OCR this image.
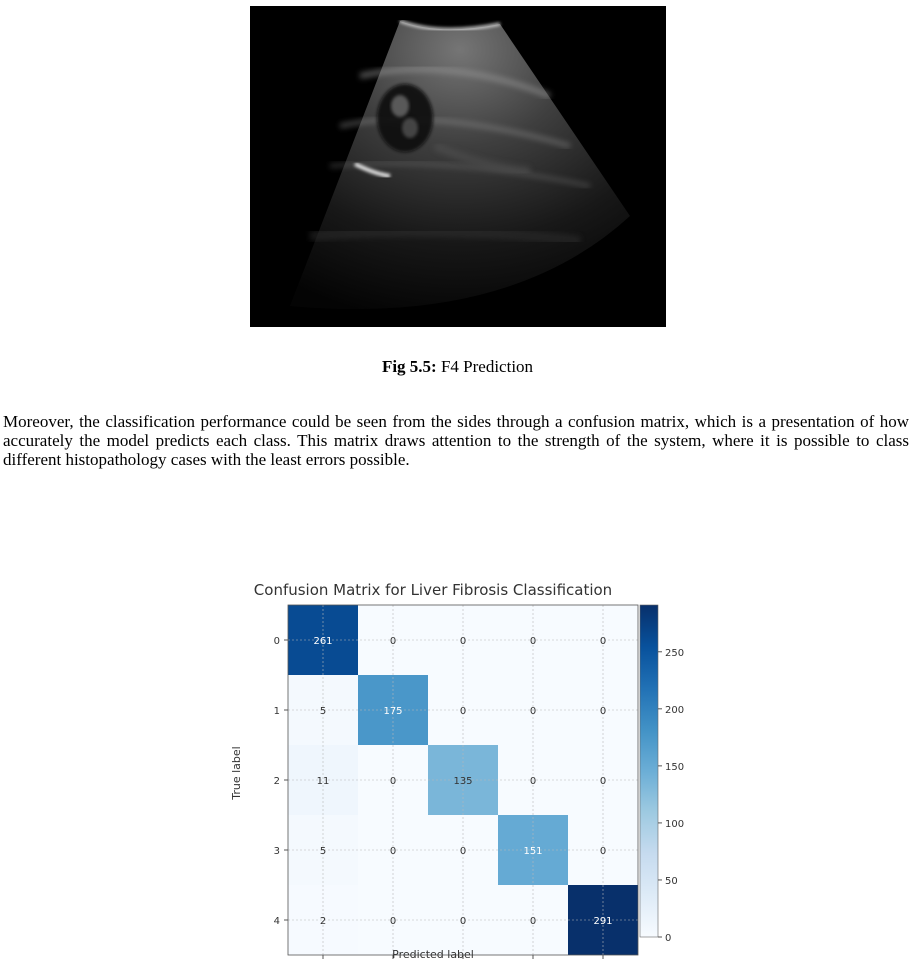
Fig 5.5: F4 Prediction
Moreover, the classification performance could be seen from the sides through a confusion matrix, which is a presentation of how accurately the model predicts each class. This matrix draws attention to the strength of the system, where it is possible to class different histopathology cases with the least errors possible.
Confusion Matrix for Liver Fibrosis Classification
261	0	0	0	0
5	175	0	0	0
11	0	135	0	0
5	0	0	151	0
2	0	0	0	291
0
1
2
3
4
Predicted label
True label
0
50
100
150
200
250
